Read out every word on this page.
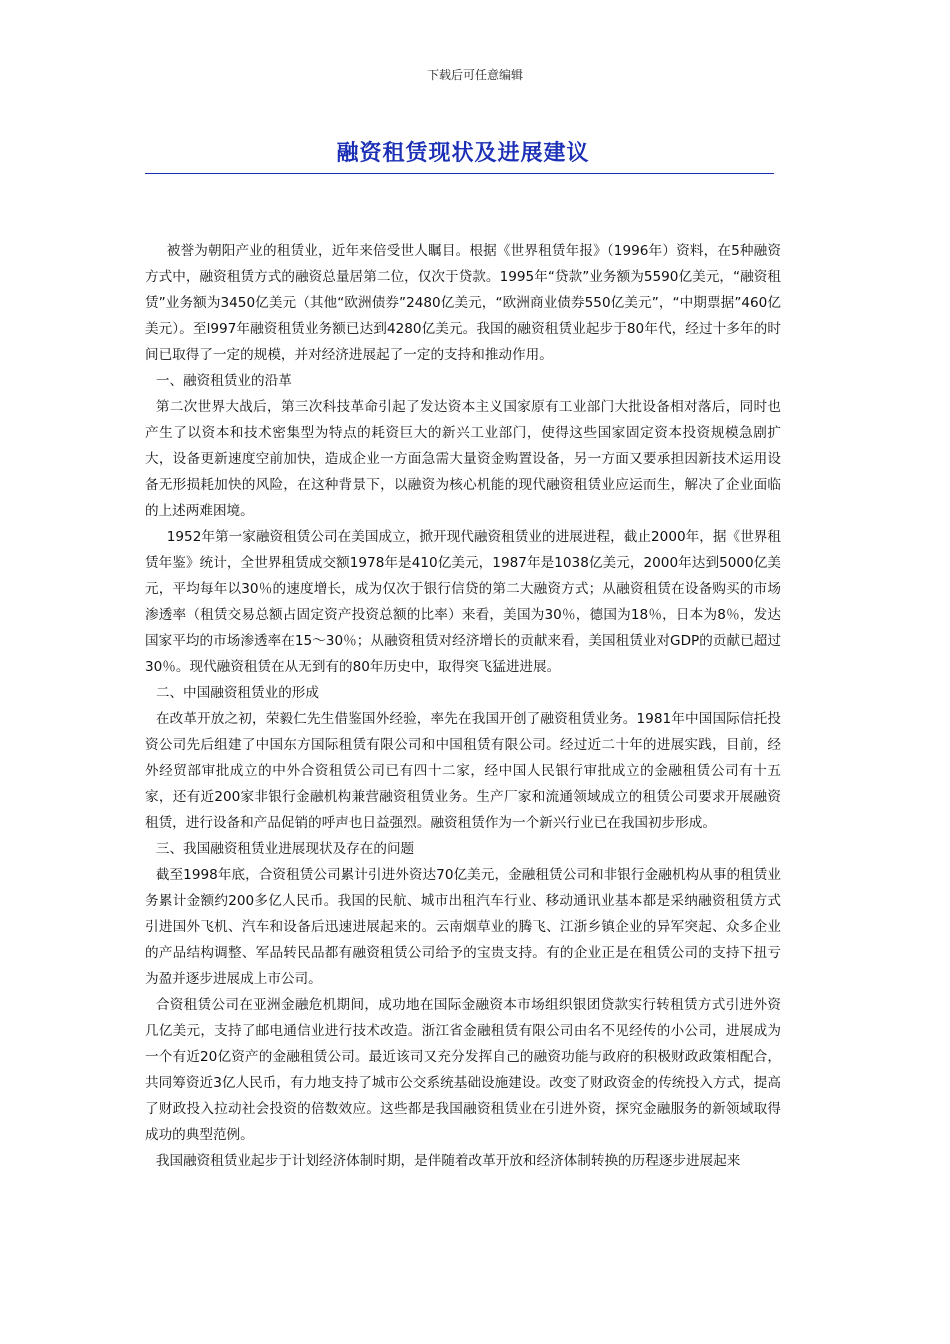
下载后可任意编辑
融资租赁现状及进展建议

被誉为朝阳产业的租赁业，近年来倍受世人瞩目。根据《世界租赁年报》（1996年）资料，在5种融资方式中，融资租赁方式的融资总量居第二位，仅次于贷款。1995年“贷款”业务额为5590亿美元，“融资租赁”业务额为3450亿美元（其他“欧洲债券”2480亿美元，“欧洲商业债券550亿美元”，“中期票据”460亿美元）。至l997年融资租赁业务额已达到4280亿美元。我国的融资租赁业起步于80年代，经过十多年的时间已取得了一定的规模，并对经济进展起了一定的支持和推动作用。

一、融资租赁业的沿革

第二次世界大战后，第三次科技革命引起了发达资本主义国家原有工业部门大批设备相对落后，同时也产生了以资本和技术密集型为特点的耗资巨大的新兴工业部门，使得这些国家固定资本投资规模急剧扩大，设备更新速度空前加快，造成企业一方面急需大量资金购置设备，另一方面又要承担因新技术运用设备无形损耗加快的风险，在这种背景下，以融资为核心机能的现代融资租赁业应运而生，解决了企业面临的上述两难困境。

1952年第一家融资租赁公司在美国成立，掀开现代融资租赁业的进展进程，截止2000年，据《世界租赁年鉴》统计，全世界租赁成交额1978年是410亿美元，1987年是1038亿美元，2000年达到5000亿美元，平均每年以30％的速度增长，成为仅次于银行信贷的第二大融资方式；从融资租赁在设备购买的市场渗透率（租赁交易总额占固定资产投资总额的比率）来看，美国为30％，德国为18％，日本为8％，发达国家平均的市场渗透率在15～30％；从融资租赁对经济增长的贡献来看，美国租赁业对GDP的贡献已超过30％。现代融资租赁在从无到有的80年历史中，取得突飞猛进进展。

二、中国融资租赁业的形成

在改革开放之初，荣毅仁先生借鉴国外经验，率先在我国开创了融资租赁业务。1981年中国国际信托投资公司先后组建了中国东方国际租赁有限公司和中国租赁有限公司。经过近二十年的进展实践，目前，经外经贸部审批成立的中外合资租赁公司已有四十二家，经中国人民银行审批成立的金融租赁公司有十五家，还有近200家非银行金融机构兼营融资租赁业务。生产厂家和流通领域成立的租赁公司要求开展融资租赁，进行设备和产品促销的呼声也日益强烈。融资租赁作为一个新兴行业已在我国初步形成。

三、我国融资租赁业进展现状及存在的问题

截至1998年底，合资租赁公司累计引进外资达70亿美元，金融租赁公司和非银行金融机构从事的租赁业务累计金额约200多亿人民币。我国的民航、城市出租汽车行业、移动通讯业基本都是采纳融资租赁方式引进国外飞机、汽车和设备后迅速进展起来的。云南烟草业的腾飞、江浙乡镇企业的异军突起、众多企业的产品结构调整、军品转民品都有融资租赁公司给予的宝贵支持。有的企业正是在租赁公司的支持下扭亏为盈并逐步进展成上市公司。

合资租赁公司在亚洲金融危机期间，成功地在国际金融资本市场组织银团贷款实行转租赁方式引进外资几亿美元，支持了邮电通信业进行技术改造。浙江省金融租赁有限公司由名不见经传的小公司，进展成为一个有近20亿资产的金融租赁公司。最近该司又充分发挥自己的融资功能与政府的积极财政政策相配合，共同筹资近3亿人民币，有力地支持了城市公交系统基础设施建设。改变了财政资金的传统投入方式，提高了财政投入拉动社会投资的倍数效应。这些都是我国融资租赁业在引进外资，探究金融服务的新领域取得成功的典型范例。

我国融资租赁业起步于计划经济体制时期，是伴随着改革开放和经济体制转换的历程逐步进展起来
